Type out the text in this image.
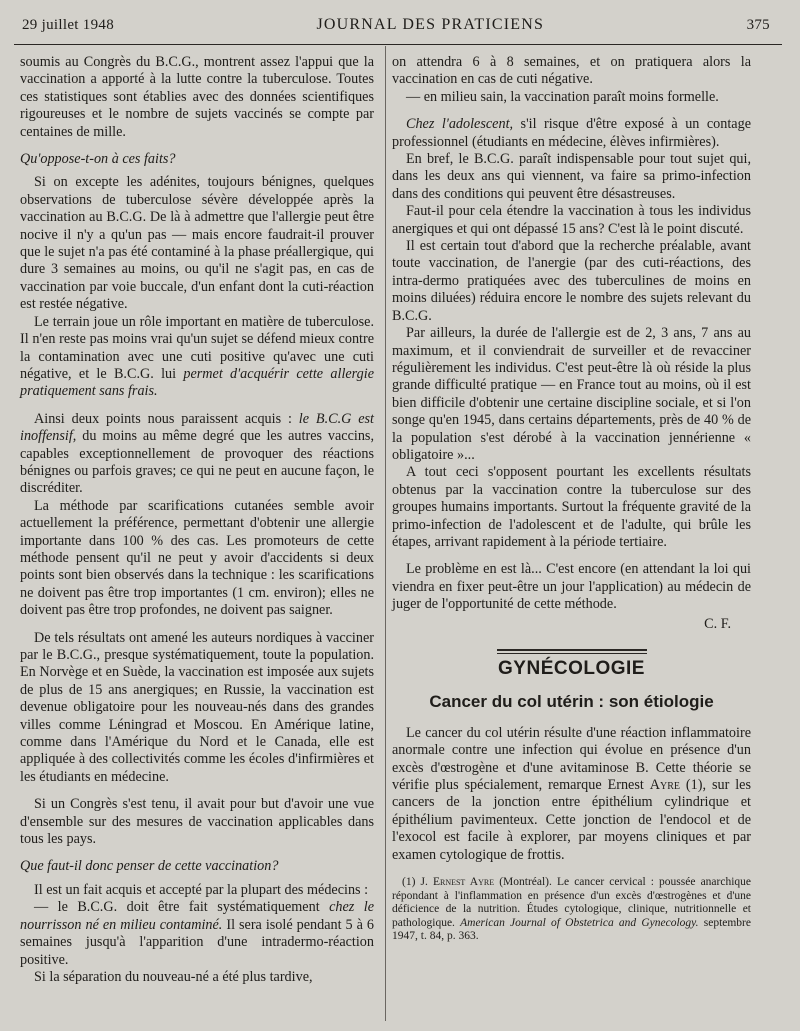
29 juillet 1948	JOURNAL DES PRATICIENS	375

soumis au Congrès du B.C.G., montrent assez l'appui que la vaccination a apporté à la lutte contre la tuberculose. Toutes ces statistiques sont établies avec des données scientifiques rigoureuses et le nombre de sujets vaccinés se compte par centaines de mille.

Qu'oppose-t-on à ces faits?

Si on excepte les adénites, toujours bénignes, quelques observations de tuberculose sévère développée après la vaccination au B.C.G. De là à admettre que l'allergie peut être nocive il n'y a qu'un pas — mais encore faudrait-il prouver que le sujet n'a pas été contaminé à la phase préallergique, qui dure 3 semaines au moins, ou qu'il ne s'agit pas, en cas de vaccination par voie buccale, d'un enfant dont la cuti-réaction est restée négative.

Le terrain joue un rôle important en matière de tuberculose. Il n'en reste pas moins vrai qu'un sujet se défend mieux contre la contamination avec une cuti positive qu'avec une cuti négative, et le B.C.G. lui permet d'acquérir cette allergie pratiquement sans frais.

Ainsi deux points nous paraissent acquis : le B.C.G est inoffensif, du moins au même degré que les autres vaccins, capables exceptionnellement de provoquer des réactions bénignes ou parfois graves; ce qui ne peut en aucune façon, le discréditer.

La méthode par scarifications cutanées semble avoir actuellement la préférence, permettant d'obtenir une allergie importante dans 100 % des cas. Les promoteurs de cette méthode pensent qu'il ne peut y avoir d'accidents si deux points sont bien observés dans la technique : les scarifications ne doivent pas être trop importantes (1 cm. environ); elles ne doivent pas être trop profondes, ne doivent pas saigner.

De tels résultats ont amené les auteurs nordiques à vacciner par le B.C.G., presque systématiquement, toute la population. En Norvège et en Suède, la vaccination est imposée aux sujets de plus de 15 ans anergiques; en Russie, la vaccination est devenue obligatoire pour les nouveau-nés dans des grandes villes comme Léningrad et Moscou. En Amérique latine, comme dans l'Amérique du Nord et le Canada, elle est appliquée à des collectivités comme les écoles d'infirmières et les étudiants en médecine.

Si un Congrès s'est tenu, il avait pour but d'avoir une vue d'ensemble sur des mesures de vaccination applicables dans tous les pays.

Que faut-il donc penser de cette vaccination?

Il est un fait acquis et accepté par la plupart des médecins :

— le B.C.G. doit être fait systématiquement chez le nourrisson né en milieu contaminé. Il sera isolé pendant 5 à 6 semaines jusqu'à l'apparition d'une intradermo-réaction positive.

Si la séparation du nouveau-né a été plus tardive,

on attendra 6 à 8 semaines, et on pratiquera alors la vaccination en cas de cuti négative.

— en milieu sain, la vaccination paraît moins formelle.

Chez l'adolescent, s'il risque d'être exposé à un contage professionnel (étudiants en médecine, élèves infirmières).

En bref, le B.C.G. paraît indispensable pour tout sujet qui, dans les deux ans qui viennent, va faire sa primo-infection dans des conditions qui peuvent être désastreuses.

Faut-il pour cela étendre la vaccination à tous les individus anergiques et qui ont dépassé 15 ans? C'est là le point discuté.

Il est certain tout d'abord que la recherche préalable, avant toute vaccination, de l'anergie (par des cuti-réactions, des intra-dermo pratiquées avec des tuberculines de moins en moins diluées) réduira encore le nombre des sujets relevant du B.C.G.

Par ailleurs, la durée de l'allergie est de 2, 3 ans, 7 ans au maximum, et il conviendrait de surveiller et de revacciner régulièrement les individus. C'est peut-être là où réside la plus grande difficulté pratique — en France tout au moins, où il est bien difficile d'obtenir une certaine discipline sociale, et si l'on songe qu'en 1945, dans certains départements, près de 40 % de la population s'est dérobé à la vaccination jennérienne « obligatoire »...

A tout ceci s'opposent pourtant les excellents résultats obtenus par la vaccination contre la tuberculose sur des groupes humains importants. Surtout la fréquente gravité de la primo-infection de l'adolescent et de l'adulte, qui brûle les étapes, arrivant rapidement à la période tertiaire.

Le problème en est là... C'est encore (en attendant la loi qui viendra en fixer peut-être un jour l'application) au médecin de juger de l'opportunité de cette méthode.

C. F.

GYNÉCOLOGIE
Cancer du col utérin : son étiologie

Le cancer du col utérin résulte d'une réaction inflammatoire anormale contre une infection qui évolue en présence d'un excès d'œstrogène et d'une avitaminose B. Cette théorie se vérifie plus spécialement, remarque Ernest Ayre (1), sur les cancers de la jonction entre épithélium cylindrique et épithélium pavimenteux. Cette jonction de l'endocol et de l'exocol est facile à explorer, par moyens cliniques et par examen cytologique de frottis.

(1) J. Ernest Ayre (Montréal). Le cancer cervical : poussée anarchique répondant à l'inflammation en présence d'un excès d'œstrogènes et d'une déficience de la nutrition. Études cytologique, clinique, nutritionnelle et pathologique. American Journal of Obstetrica and Gynecology. septembre 1947, t. 84, p. 363.
